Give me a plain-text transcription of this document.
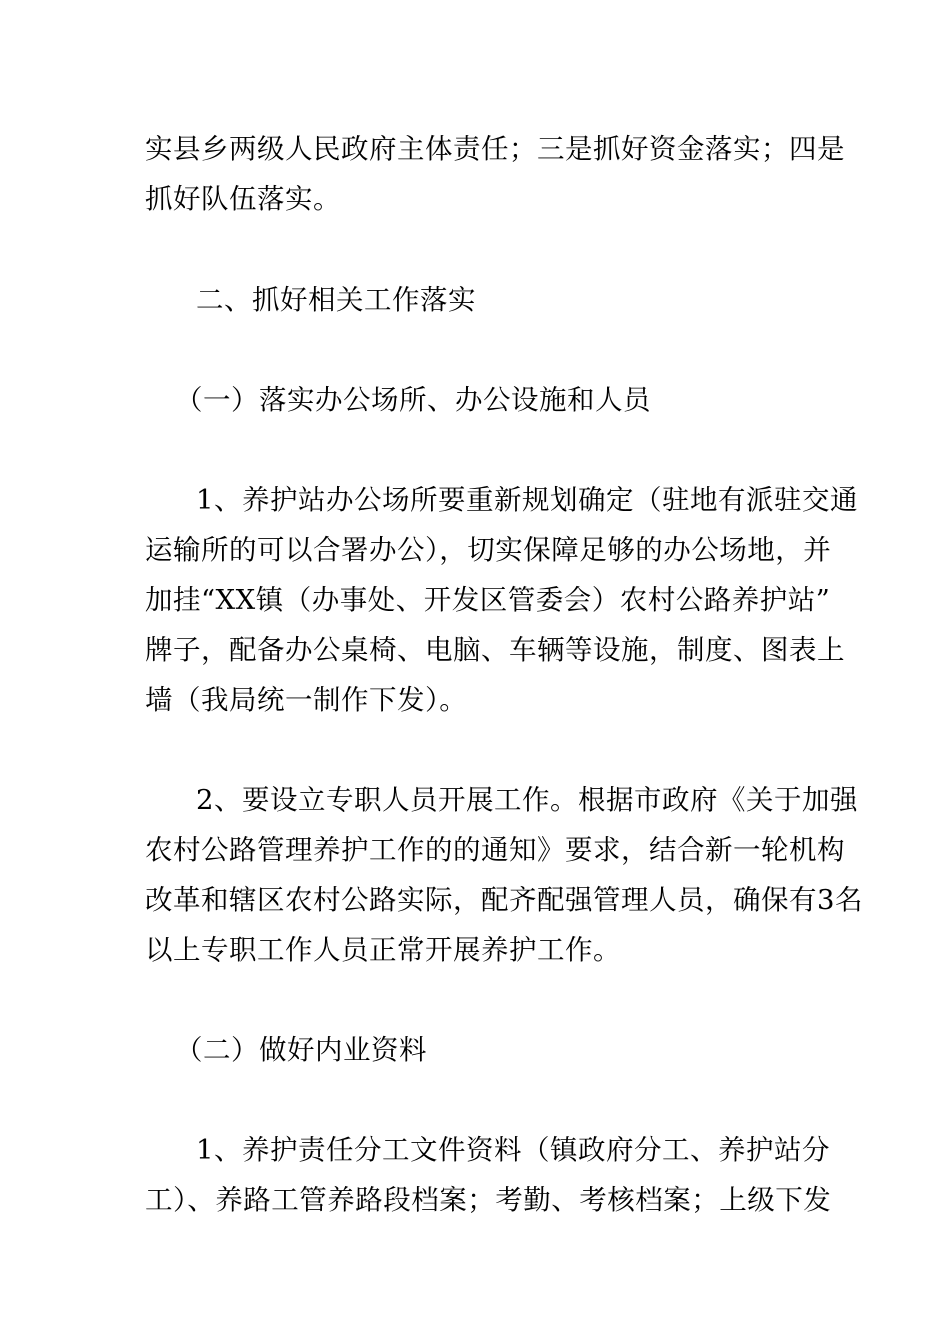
实县乡两级人民政府主体责任；三是抓好资金落实；四是
抓好队伍落实。
二、抓好相关工作落实
（一）落实办公场所、办公设施和人员
1、养护站办公场所要重新规划确定（驻地有派驻交通
运输所的可以合署办公），切实保障足够的办公场地，并
加挂“XX镇（办事处、开发区管委会）农村公路养护站”
牌子，配备办公桌椅、电脑、车辆等设施，制度、图表上
墙（我局统一制作下发）。
2、要设立专职人员开展工作。根据市政府《关于加强
农村公路管理养护工作的的通知》要求，结合新一轮机构
改革和辖区农村公路实际，配齐配强管理人员，确保有3名
以上专职工作人员正常开展养护工作。
（二）做好内业资料
1、养护责任分工文件资料（镇政府分工、养护站分
工）、养路工管养路段档案；考勤、考核档案；上级下发
